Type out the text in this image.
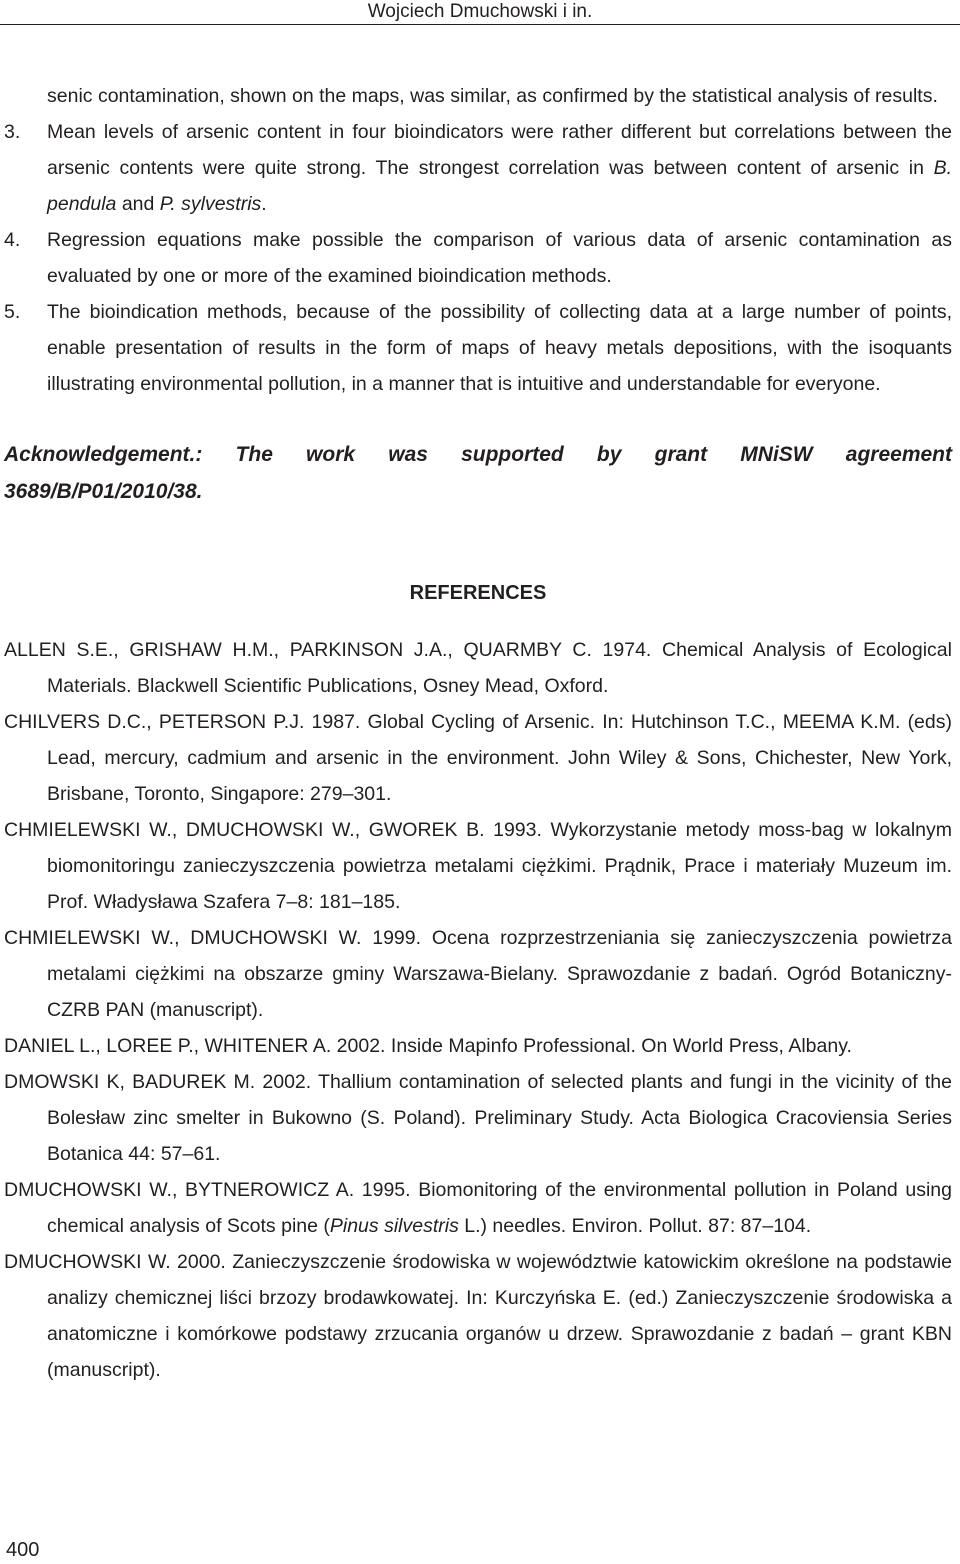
Wojciech Dmuchowski i in.

senic contamination, shown on the maps, was similar, as confirmed by the statistical analysis of results.

3. Mean levels of arsenic content in four bioindicators were rather different but correlations between the arsenic contents were quite strong. The strongest correlation was between content of arsenic in B. pendula and P. sylvestris.

4. Regression equations make possible the comparison of various data of arsenic contamination as evaluated by one or more of the examined bioindication methods.

5. The bioindication methods, because of the possibility of collecting data at a large number of points, enable presentation of results in the form of maps of heavy metals depositions, with the isoquants illustrating environmental pollution, in a manner that is intuitive and understandable for everyone.

Acknowledgement.: The work was supported by grant MNiSW agreement 3689/B/P01/2010/38.

REFERENCES
ALLEN S.E., GRISHAW H.M., PARKINSON J.A., QUARMBY C. 1974. Chemical Analysis of Ecological Materials. Blackwell Scientific Publications, Osney Mead, Oxford.
CHILVERS D.C., PETERSON P.J. 1987. Global Cycling of Arsenic. In: Hutchinson T.C., MEEMA K.M. (eds) Lead, mercury, cadmium and arsenic in the environment. John Wiley & Sons, Chichester, New York, Brisbane, Toronto, Singapore: 279–301.
CHMIELEWSKI W., DMUCHOWSKI W., GWOREK B. 1993. Wykorzystanie metody moss-bag w lokalnym biomonitoringu zanieczyszczenia powietrza metalami ciężkimi. Prądnik, Prace i materiały Muzeum im. Prof. Władysława Szafera 7–8: 181–185.
CHMIELEWSKI W., DMUCHOWSKI W. 1999. Ocena rozprzestrzeniania się zanieczyszczenia powietrza metalami ciężkimi na obszarze gminy Warszawa-Bielany. Sprawozdanie z badań. Ogród Botaniczny-CZRB PAN (manuscript).
DANIEL L., LOREE P., WHITENER A. 2002. Inside Mapinfo Professional. On World Press, Albany.
DMOWSKI K, BADUREK M. 2002. Thallium contamination of selected plants and fungi in the vicinity of the Bolesław zinc smelter in Bukowno (S. Poland). Preliminary Study. Acta Biologica Cracoviensia Series Botanica 44: 57–61.
DMUCHOWSKI W., BYTNEROWICZ A. 1995. Biomonitoring of the environmental pollution in Poland using chemical analysis of Scots pine (Pinus silvestris L.) needles. Environ. Pollut. 87: 87–104.
DMUCHOWSKI W. 2000. Zanieczyszczenie środowiska w województwie katowickim określone na podstawie analizy chemicznej liści brzozy brodawkowatej. In: Kurczyńska E. (ed.) Zanieczyszczenie środowiska a anatomiczne i komórkowe podstawy zrzucania organów u drzew. Sprawozdanie z badań – grant KBN (manuscript).
400
